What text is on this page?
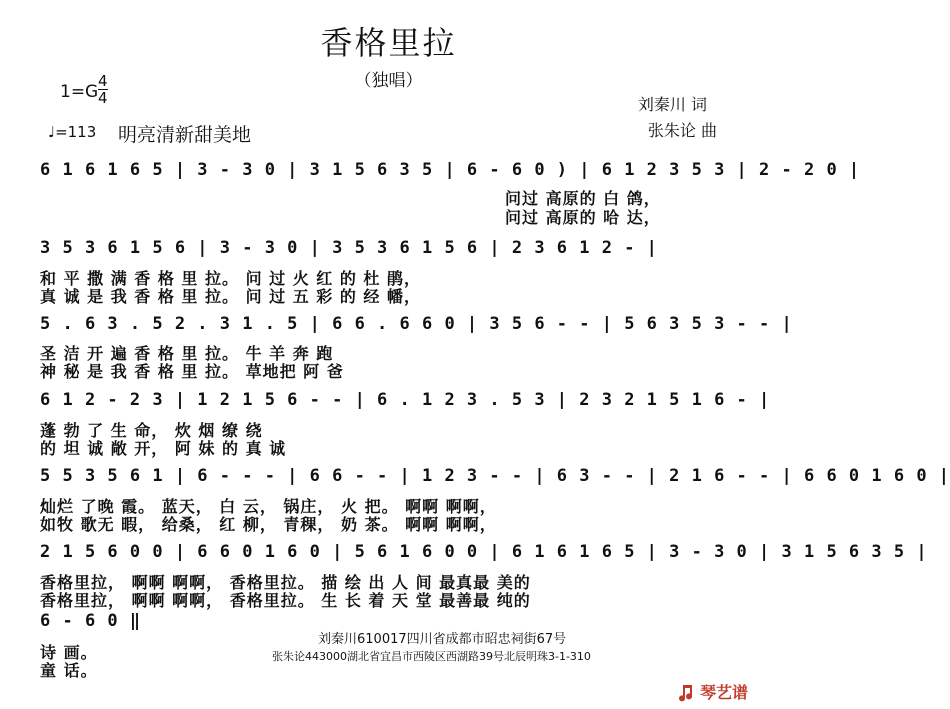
香格里拉
（独唱）
1=G
4
4	刘秦川 词
张朱论 曲
♩=113 明亮清新甜美地
6 1 6 1 6 5 | 3 - 3 0 | 3 1 5 6 3 5 | 6 - 6 0 ) | 6 1 2 3 5 3 | 2 - 2 0 |
问过 高原的 白 鸽，
问过 高原的 哈 达，
3 5 3 6 1 5 6 | 3 - 3 0 | 3 5 3 6 1 5 6 | 2 3 6 1 2 - |
和 平 撒 满 香 格 里 拉。 问 过 火 红 的 杜 鹃，
真 诚 是 我 香 格 里 拉。 问 过 五 彩 的 经 幡，
5 . 6 3 . 5 2 . 3 1 . 5 | 6 6 . 6 6 0 | 3 5 6 - - | 5 6 3 5 3 - - |
圣 洁 开 遍 香 格 里 拉。 牛 羊 奔 跑
神 秘 是 我 香 格 里 拉。 草地把 阿 爸
6 1 2 - 2 3 | 1 2 1 5 6 - - | 6 . 1 2 3 . 5 3 | 2 3 2 1 5 1 6 - |
蓬 勃 了 生 命， 炊 烟 缭 绕
的 坦 诚 敞 开， 阿 妹 的 真 诚
5 5 3 5 6 1 | 6 - - - | 6 6 - - | 1 2 3 - - | 6 3 - - | 2 1 6 - - | 6 6 0 1 6 0 |
灿烂 了晚 霞。 蓝天， 白 云， 锅庄， 火 把。 啊啊 啊啊，
如牧 歌无 暇， 给桑， 红 柳， 青稞， 奶 茶。 啊啊 啊啊，
2 1 5 6 0 0 | 6 6 0 1 6 0 | 5 6 1 6 0 0 | 6 1 6 1 6 5 | 3 - 3 0 | 3 1 5 6 3 5 |
香格里拉， 啊啊 啊啊， 香格里拉。 描 绘 出 人 间 最真最 美的
香格里拉， 啊啊 啊啊， 香格里拉。 生 长 着 天 堂 最善最 纯的
6 - 6 0 ‖
诗 画。
童 话。
刘秦川610017四川省成都市昭忠祠街67号
张朱论443000湖北省宜昌市西陵区西湖路39号北辰明珠3-1-310
琴艺谱
